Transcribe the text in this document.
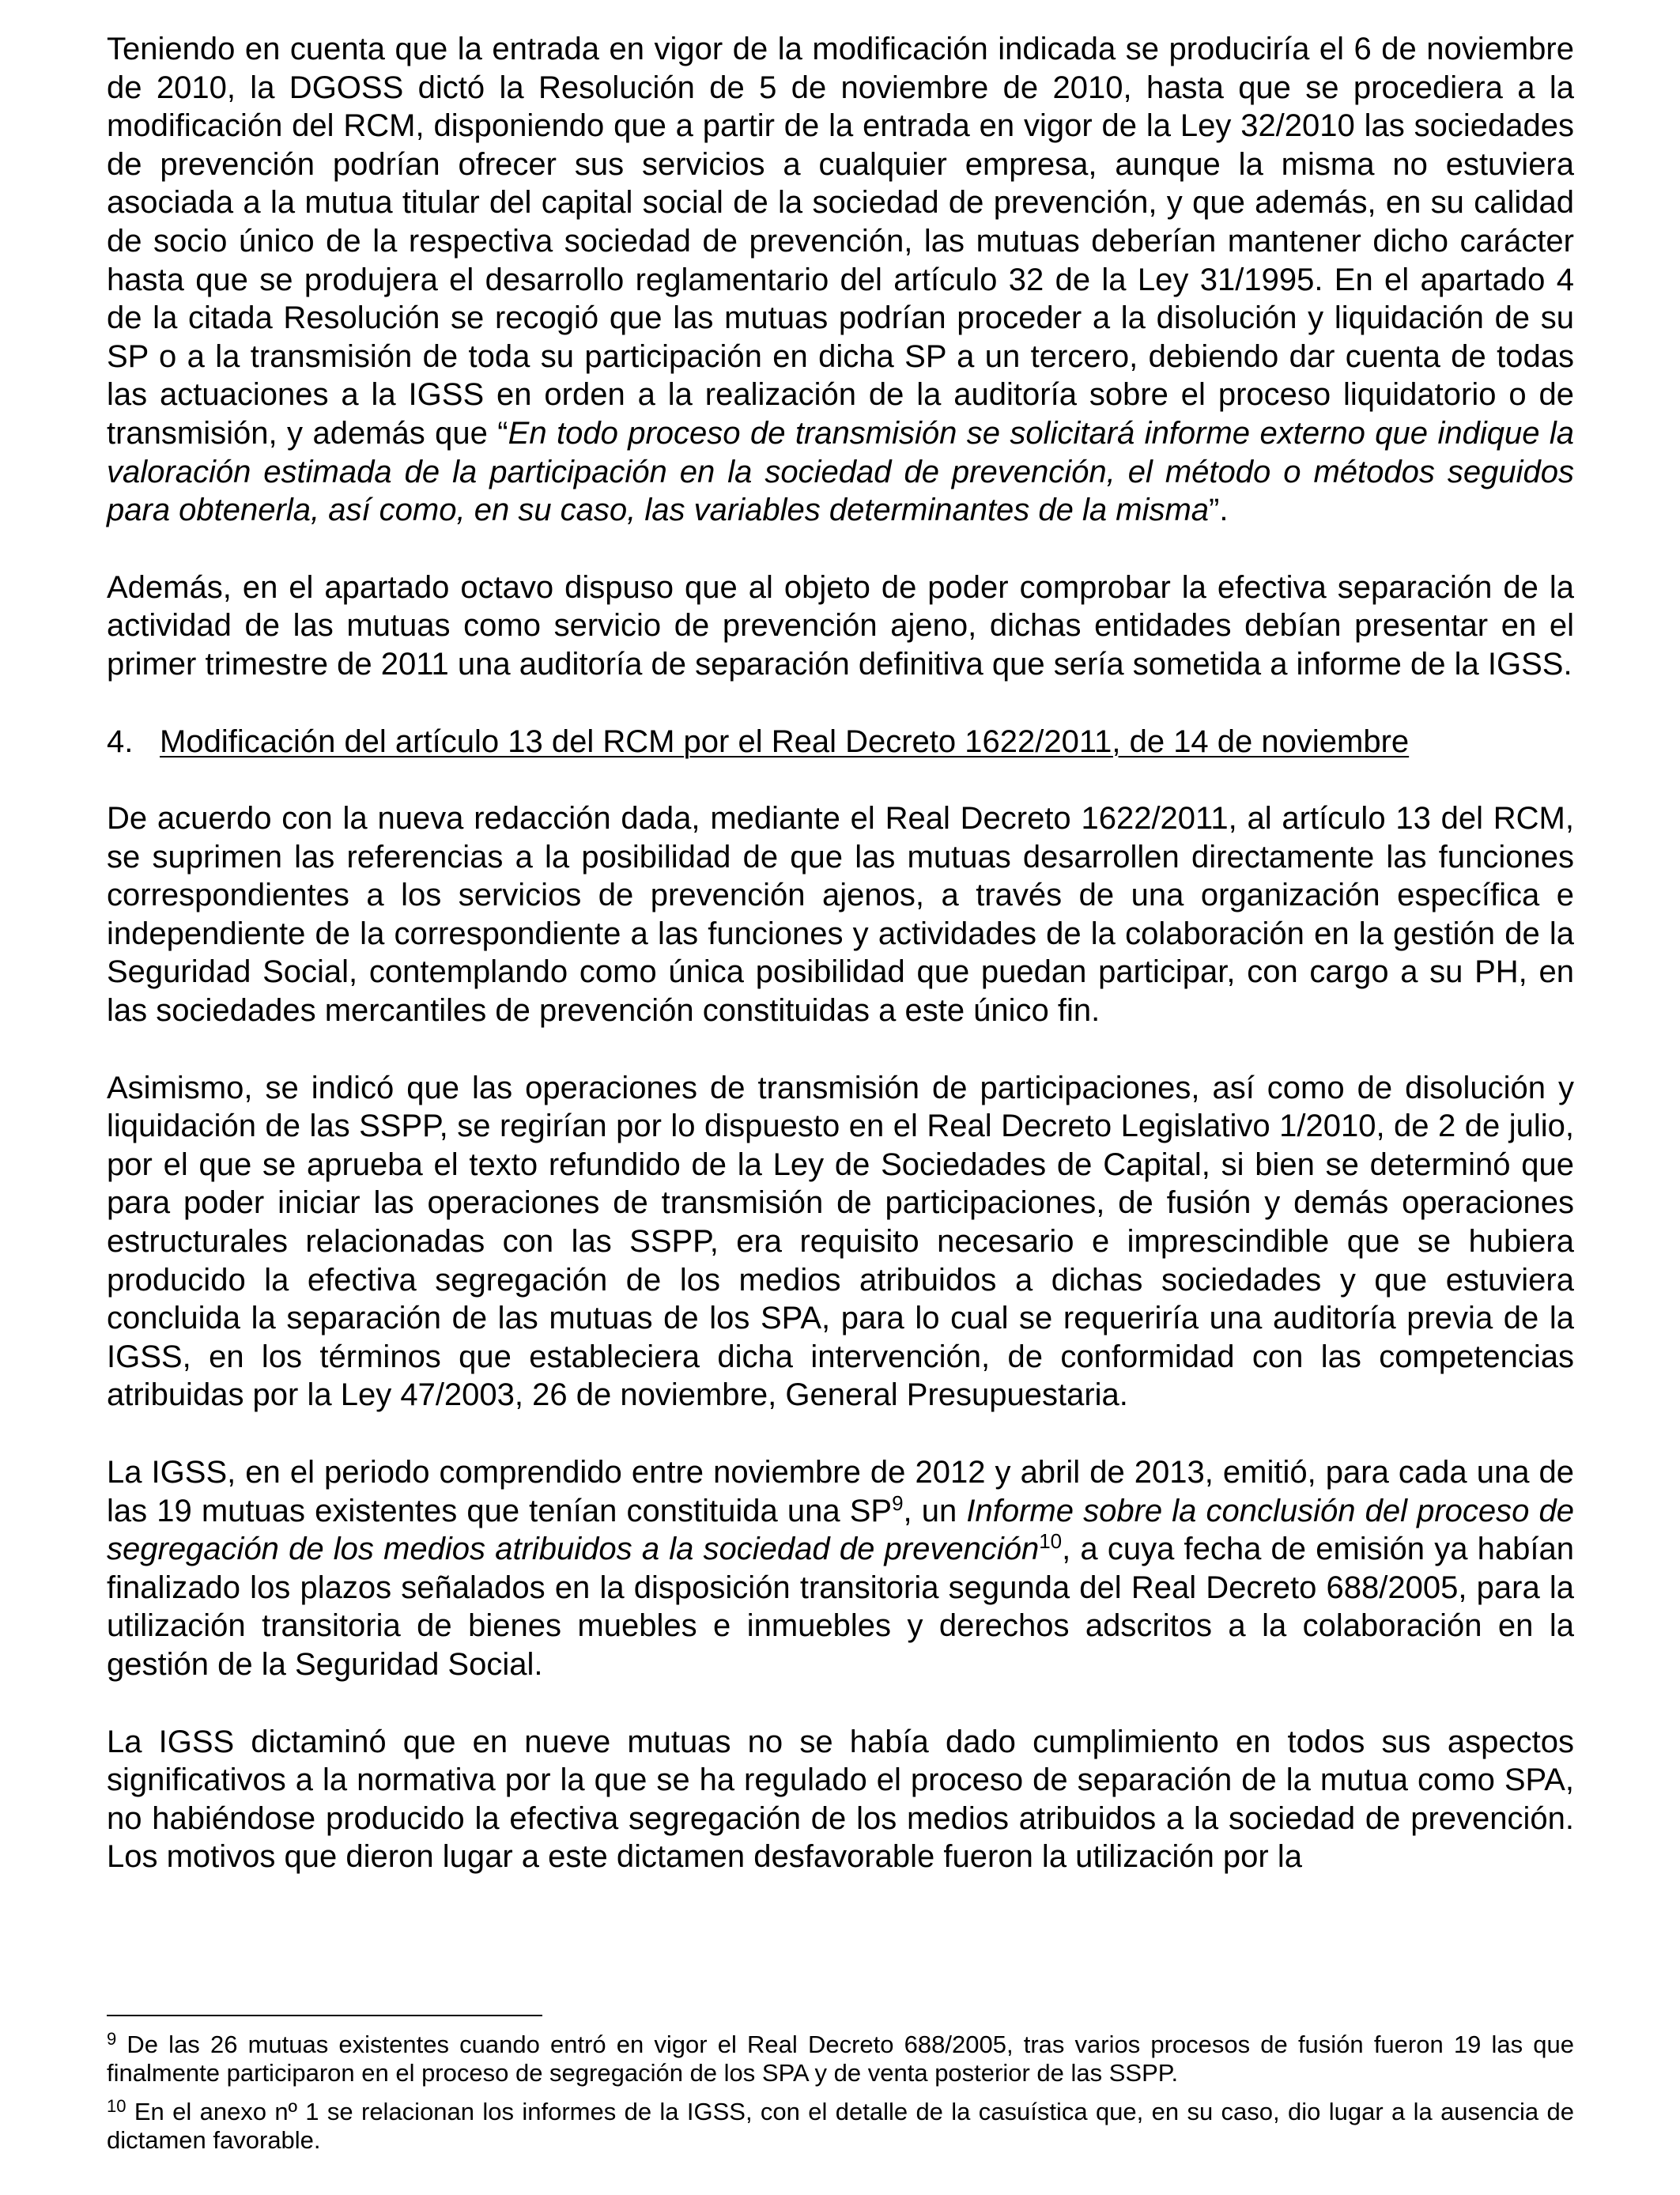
Teniendo en cuenta que la entrada en vigor de la modificación indicada se produciría el 6 de noviembre de 2010, la DGOSS dictó la Resolución de 5 de noviembre de 2010, hasta que se procediera a la modificación del RCM, disponiendo que a partir de la entrada en vigor de la Ley 32/2010 las sociedades de prevención podrían ofrecer sus servicios a cualquier empresa, aunque la misma no estuviera asociada a la mutua titular del capital social de la sociedad de prevención, y que además, en su calidad de socio único de la respectiva sociedad de prevención, las mutuas deberían mantener dicho carácter hasta que se produjera el desarrollo reglamentario del artículo 32 de la Ley 31/1995. En el apartado 4 de la citada Resolución se recogió que las mutuas podrían proceder a la disolución y liquidación de su SP o a la transmisión de toda su participación en dicha SP a un tercero, debiendo dar cuenta de todas las actuaciones a la IGSS en orden a la realización de la auditoría sobre el proceso liquidatorio o de transmisión, y además que “En todo proceso de transmisión se solicitará informe externo que indique la valoración estimada de la participación en la sociedad de prevención, el método o métodos seguidos para obtenerla, así como, en su caso, las variables determinantes de la misma”.

Además, en el apartado octavo dispuso que al objeto de poder comprobar la efectiva separación de la actividad de las mutuas como servicio de prevención ajeno, dichas entidades debían presentar en el primer trimestre de 2011 una auditoría de separación definitiva que sería sometida a informe de la IGSS.

4. Modificación del artículo 13 del RCM por el Real Decreto 1622/2011, de 14 de noviembre

De acuerdo con la nueva redacción dada, mediante el Real Decreto 1622/2011, al artículo 13 del RCM, se suprimen las referencias a la posibilidad de que las mutuas desarrollen directamente las funciones correspondientes a los servicios de prevención ajenos, a través de una organización específica e independiente de la correspondiente a las funciones y actividades de la colaboración en la gestión de la Seguridad Social, contemplando como única posibilidad que puedan participar, con cargo a su PH, en las sociedades mercantiles de prevención constituidas a este único fin.

Asimismo, se indicó que las operaciones de transmisión de participaciones, así como de disolución y liquidación de las SSPP, se regirían por lo dispuesto en el Real Decreto Legislativo 1/2010, de 2 de julio, por el que se aprueba el texto refundido de la Ley de Sociedades de Capital, si bien se determinó que para poder iniciar las operaciones de transmisión de participaciones, de fusión y demás operaciones estructurales relacionadas con las SSPP, era requisito necesario e imprescindible que se hubiera producido la efectiva segregación de los medios atribuidos a dichas sociedades y que estuviera concluida la separación de las mutuas de los SPA, para lo cual se requeriría una auditoría previa de la IGSS, en los términos que estableciera dicha intervención, de conformidad con las competencias atribuidas por la Ley 47/2003, 26 de noviembre, General Presupuestaria.

La IGSS, en el periodo comprendido entre noviembre de 2012 y abril de 2013, emitió, para cada una de las 19 mutuas existentes que tenían constituida una $SP^9$, un Informe sobre la conclusión del proceso de segregación de los medios atribuidos a la sociedad de prevención$^{10}$, a cuya fecha de emisión ya habían finalizado los plazos señalados en la disposición transitoria segunda del Real Decreto 688/2005, para la utilización transitoria de bienes muebles e inmuebles y derechos adscritos a la colaboración en la gestión de la Seguridad Social.

La IGSS dictaminó que en nueve mutuas no se había dado cumplimiento en todos sus aspectos significativos a la normativa por la que se ha regulado el proceso de separación de la mutua como SPA, no habiéndose producido la efectiva segregación de los medios atribuidos a la sociedad de prevención. Los motivos que dieron lugar a este dictamen desfavorable fueron la utilización por la

$^9$ De las 26 mutuas existentes cuando entró en vigor el Real Decreto 688/2005, tras varios procesos de fusión fueron 19 las que finalmente participaron en el proceso de segregación de los SPA y de venta posterior de las SSPP.

$^{10}$ En el anexo nº 1 se relacionan los informes de la IGSS, con el detalle de la casuística que, en su caso, dio lugar a la ausencia de dictamen favorable.
